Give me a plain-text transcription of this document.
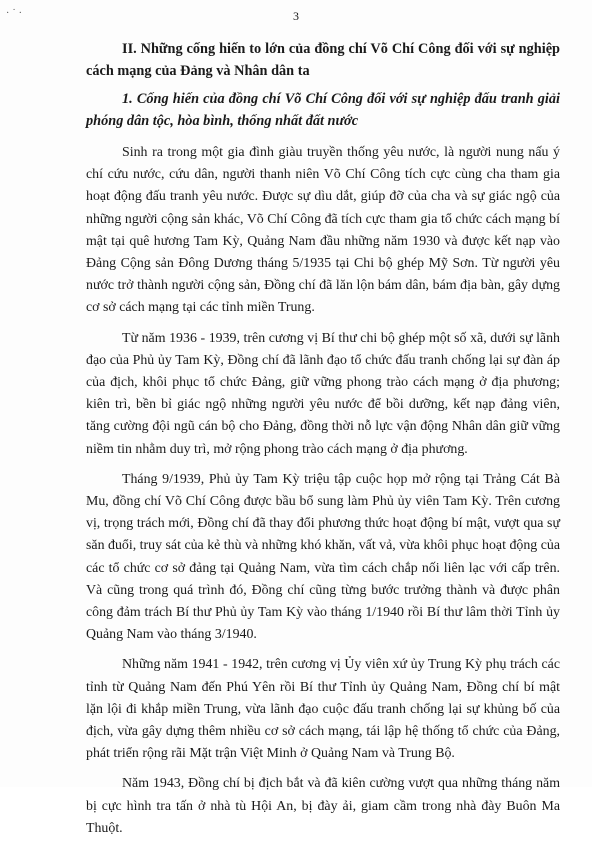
·˙·	3

II. Những cống hiến to lớn của đồng chí Võ Chí Công đối với sự nghiệp cách mạng của Đảng và Nhân dân ta

1. Cống hiến của đồng chí Võ Chí Công đối với sự nghiệp đấu tranh giải phóng dân tộc, hòa bình, thống nhất đất nước

Sinh ra trong một gia đình giàu truyền thống yêu nước, là người nung nấu ý chí cứu nước, cứu dân, người thanh niên Võ Chí Công tích cực cùng cha tham gia hoạt động đấu tranh yêu nước. Được sự dìu dắt, giúp đỡ của cha và sự giác ngộ của những người cộng sản khác, Võ Chí Công đã tích cực tham gia tổ chức cách mạng bí mật tại quê hương Tam Kỳ, Quảng Nam đầu những năm 1930 và được kết nạp vào Đảng Cộng sản Đông Dương tháng 5/1935 tại Chi bộ ghép Mỹ Sơn. Từ người yêu nước trở thành người cộng sản, Đồng chí đã lăn lộn bám dân, bám địa bàn, gây dựng cơ sở cách mạng tại các tỉnh miền Trung.

Từ năm 1936 - 1939, trên cương vị Bí thư chi bộ ghép một số xã, dưới sự lãnh đạo của Phủ ủy Tam Kỳ, Đồng chí đã lãnh đạo tổ chức đấu tranh chống lại sự đàn áp của địch, khôi phục tổ chức Đảng, giữ vững phong trào cách mạng ở địa phương; kiên trì, bền bỉ giác ngộ những người yêu nước để bồi dưỡng, kết nạp đảng viên, tăng cường đội ngũ cán bộ cho Đảng, đồng thời nỗ lực vận động Nhân dân giữ vững niềm tin nhằm duy trì, mở rộng phong trào cách mạng ở địa phương.

Tháng 9/1939, Phủ ủy Tam Kỳ triệu tập cuộc họp mở rộng tại Trảng Cát Bà Mu, đồng chí Võ Chí Công được bầu bổ sung làm Phủ ủy viên Tam Kỳ. Trên cương vị, trọng trách mới, Đồng chí đã thay đổi phương thức hoạt động bí mật, vượt qua sự săn đuổi, truy sát của kẻ thù và những khó khăn, vất vả, vừa khôi phục hoạt động của các tổ chức cơ sở đảng tại Quảng Nam, vừa tìm cách chắp nối liên lạc với cấp trên. Và cũng trong quá trình đó, Đồng chí cũng từng bước trưởng thành và được phân công đảm trách Bí thư Phủ ủy Tam Kỳ vào tháng 1/1940 rồi Bí thư lâm thời Tỉnh ủy Quảng Nam vào tháng 3/1940.

Những năm 1941 - 1942, trên cương vị Ủy viên xứ ủy Trung Kỳ phụ trách các tỉnh từ Quảng Nam đến Phú Yên rồi Bí thư Tỉnh ủy Quảng Nam, Đồng chí bí mật lặn lội đi khắp miền Trung, vừa lãnh đạo cuộc đấu tranh chống lại sự khủng bố của địch, vừa gây dựng thêm nhiều cơ sở cách mạng, tái lập hệ thống tổ chức của Đảng, phát triển rộng rãi Mặt trận Việt Minh ở Quảng Nam và Trung Bộ.

Năm 1943, Đồng chí bị địch bắt và đã kiên cường vượt qua những tháng năm bị cực hình tra tấn ở nhà tù Hội An, bị đày ải, giam cầm trong nhà đày Buôn Ma Thuột.
